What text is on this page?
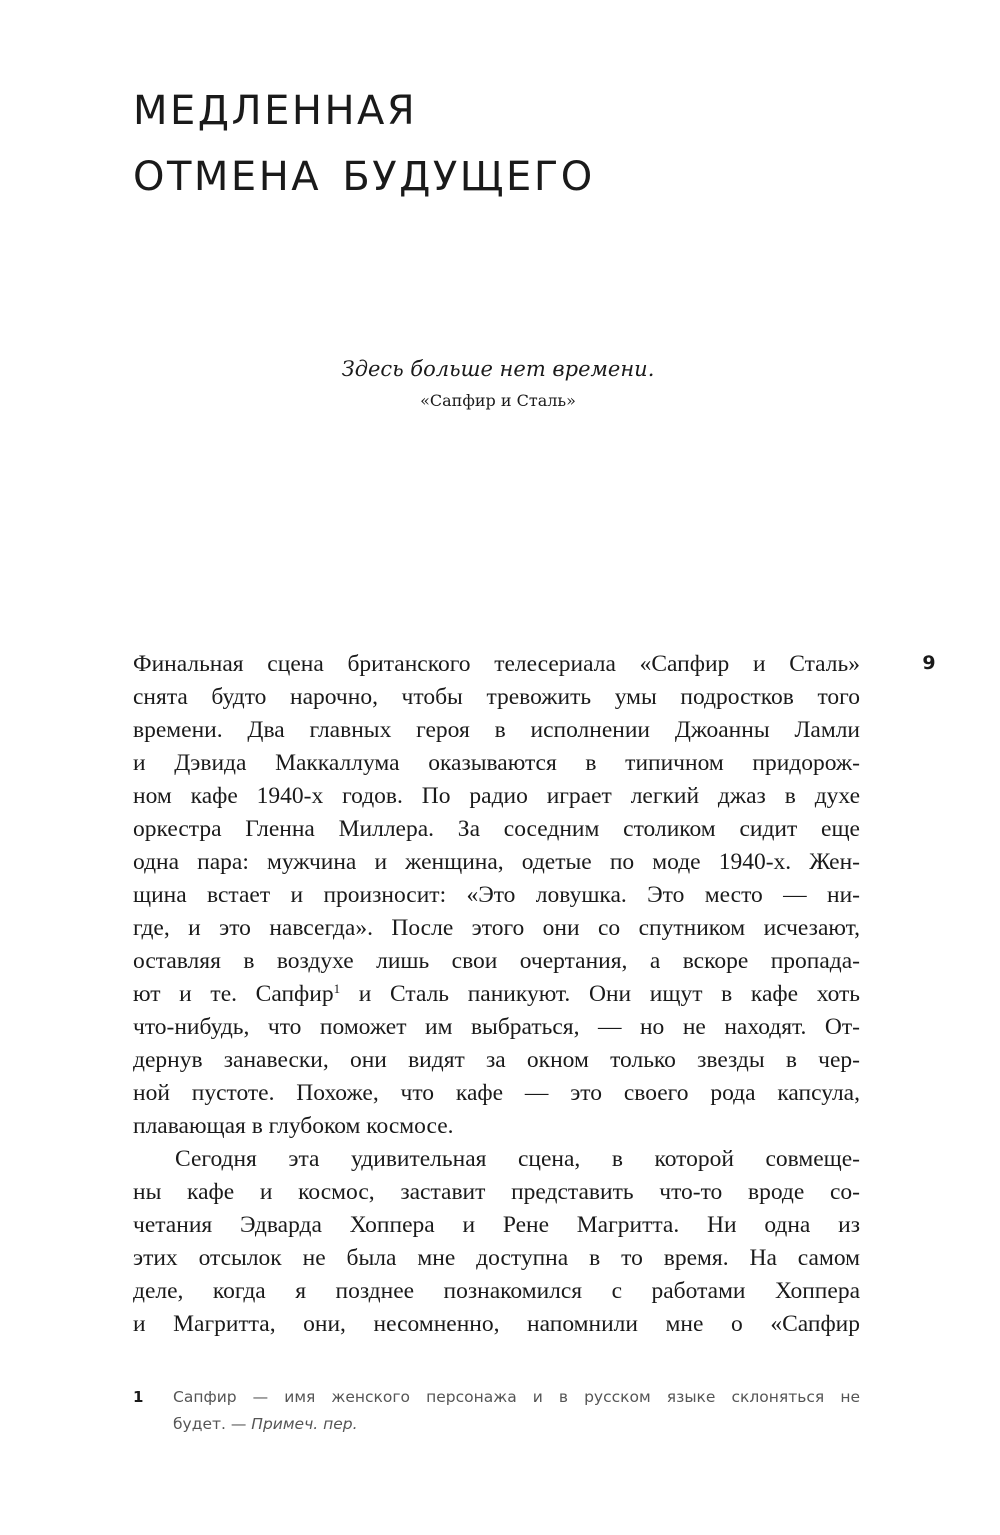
МЕДЛЕННАЯ
ОТМЕНА БУДУЩЕГО
Здесь больше нет времени.
«Сапфир и Сталь»
9
Финальная сцена британского телесериала «Сапфир и Сталь»
снята будто нарочно, чтобы тревожить умы подростков того
времени. Два главных героя в исполнении Джоанны Ламли
и Дэвида Маккаллума оказываются в типичном придорож-
ном кафе 1940-х годов. По радио играет легкий джаз в духе
оркестра Гленна Миллера. За соседним столиком сидит еще
одна пара: мужчина и женщина, одетые по моде 1940-х. Жен-
щина встает и произносит: «Это ловушка. Это место — ни-
где, и это навсегда». После этого они со спутником исчезают,
оставляя в воздухе лишь свои очертания, а вскоре пропада-
ют и те. Сапфир$^1$ и Сталь паникуют. Они ищут в кафе хоть
что-нибудь, что поможет им выбраться, — но не находят. От-
дернув занавески, они видят за окном только звезды в чер-
ной пустоте. Похоже, что кафе — это своего рода капсула,
плавающая в глубоком космосе.
Сегодня эта удивительная сцена, в которой совмеще-
ны кафе и космос, заставит представить что-то вроде со-
четания Эдварда Хоппера и Рене Магритта. Ни одна из
этих отсылок не была мне доступна в то время. На самом
деле, когда я позднее познакомился с работами Хоппера
и Магритта, они, несомненно, напомнили мне о «Сапфир
1	Сапфир — имя женского персонажа и в русском языке склоняться не
будет. — Примеч. пер.
